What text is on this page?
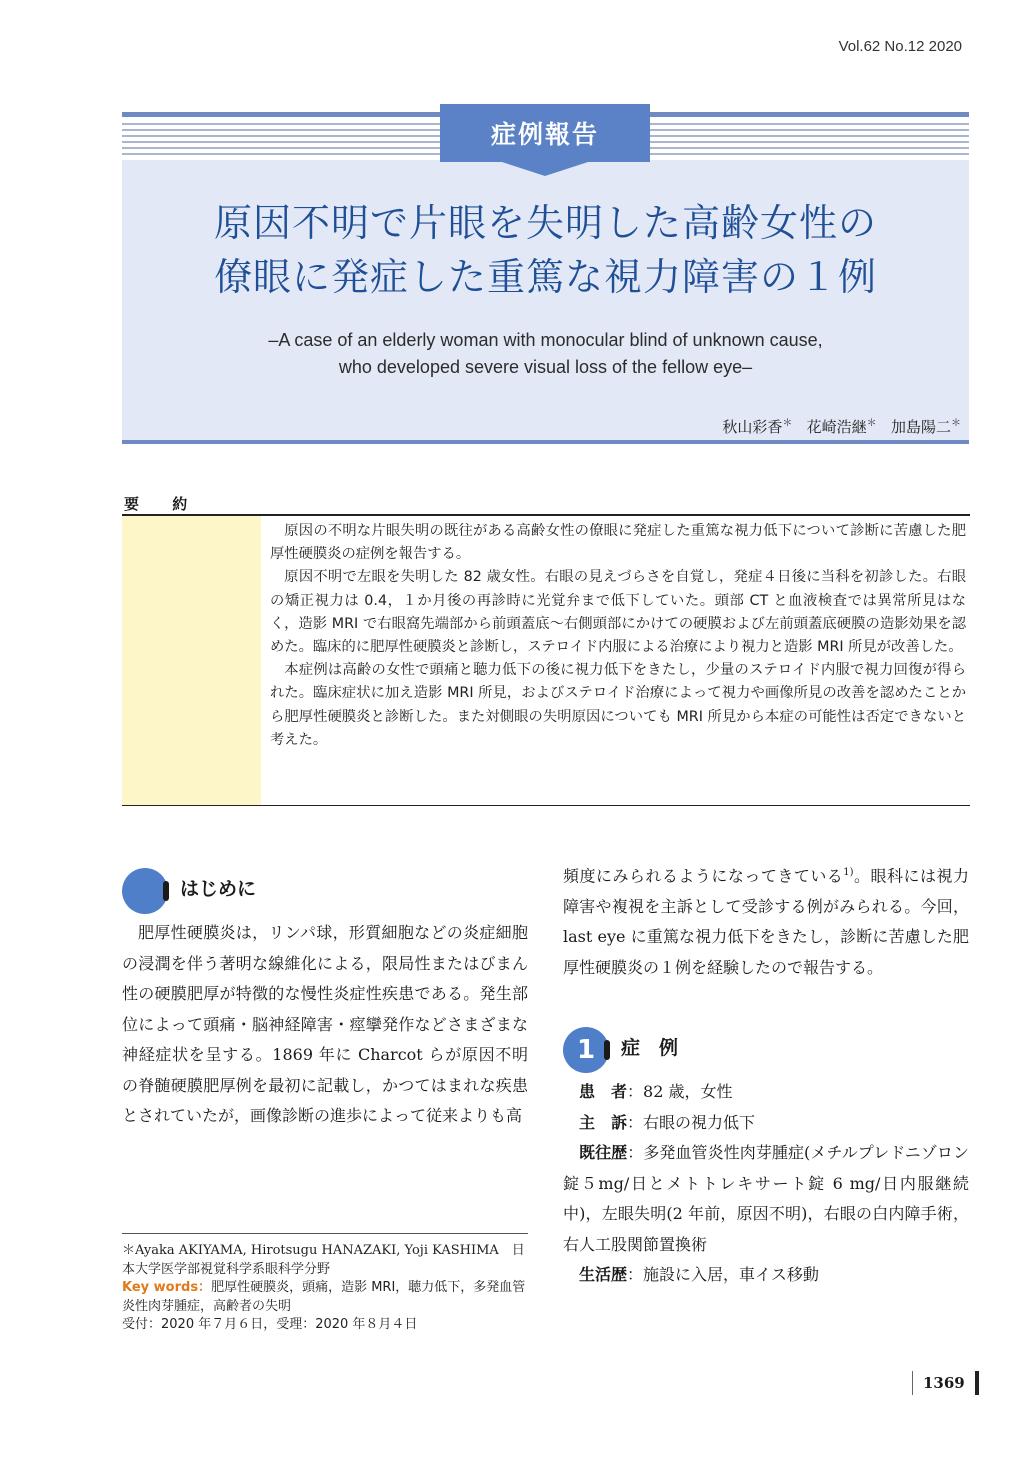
Vol.62 No.12 2020
症例報告
原因不明で片眼を失明した高齢女性の
僚眼に発症した重篤な視力障害の１例
–A case of an elderly woman with monocular blind of unknown cause,
who developed severe visual loss of the fellow eye–
秋山彩香＊ 花崎浩継＊ 加島陽二＊
要 約

原因の不明な片眼失明の既往がある高齢女性の僚眼に発症した重篤な視力低下について診断に苦慮した肥厚性硬膜炎の症例を報告する。

原因不明で左眼を失明した 82 歳女性。右眼の見えづらさを自覚し，発症４日後に当科を初診した。右眼の矯正視力は 0.4，１か月後の再診時に光覚弁まで低下していた。頭部 CT と血液検査では異常所見はなく，造影 MRI で右眼窩先端部から前頭蓋底〜右側頭部にかけての硬膜および左前頭蓋底硬膜の造影効果を認めた。臨床的に肥厚性硬膜炎と診断し，ステロイド内服による治療により視力と造影 MRI 所見が改善した。

本症例は高齢の女性で頭痛と聴力低下の後に視力低下をきたし，少量のステロイド内服で視力回復が得られた。臨床症状に加え造影 MRI 所見，およびステロイド治療によって視力や画像所見の改善を認めたことから肥厚性硬膜炎と診断した。また対側眼の失明原因についても MRI 所見から本症の可能性は否定できないと考えた。

はじめに

肥厚性硬膜炎は，リンパ球，形質細胞などの炎症細胞の浸潤を伴う著明な線維化による，限局性またはびまん性の硬膜肥厚が特徴的な慢性炎症性疾患である。発生部位によって頭痛・脳神経障害・痙攣発作などさまざまな神経症状を呈する。1869 年に Charcot らが原因不明の脊髄硬膜肥厚例を最初に記載し，かつてはまれな疾患とされていたが，画像診断の進歩によって従来よりも高

頻度にみられるようになってきている$^{1)}$。眼科には視力障害や複視を主訴として受診する例がみられる。今回，last eye に重篤な視力低下をきたし，診断に苦慮した肥厚性硬膜炎の１例を経験したので報告する。

1	症　例
患　者：82 歳，女性
主　訴：右眼の視力低下

既往歴：多発血管炎性肉芽腫症(メチルプレドニゾロン錠５mg/日とメトトレキサート錠 6 mg/日内服継続中)，左眼失明(2 年前，原因不明)，右眼の白内障手術，右人工股関節置換術

生活歴：施設に入居，車イス移動
＊Ayaka AKIYAMA, Hirotsugu HANAZAKI, Yoji KASHIMA　日本大学医学部視覚科学系眼科学分野
Key words：肥厚性硬膜炎，頭痛，造影 MRI，聴力低下，多発血管炎性肉芽腫症，高齢者の失明
受付：2020 年７月６日，受理：2020 年８月４日
1369
